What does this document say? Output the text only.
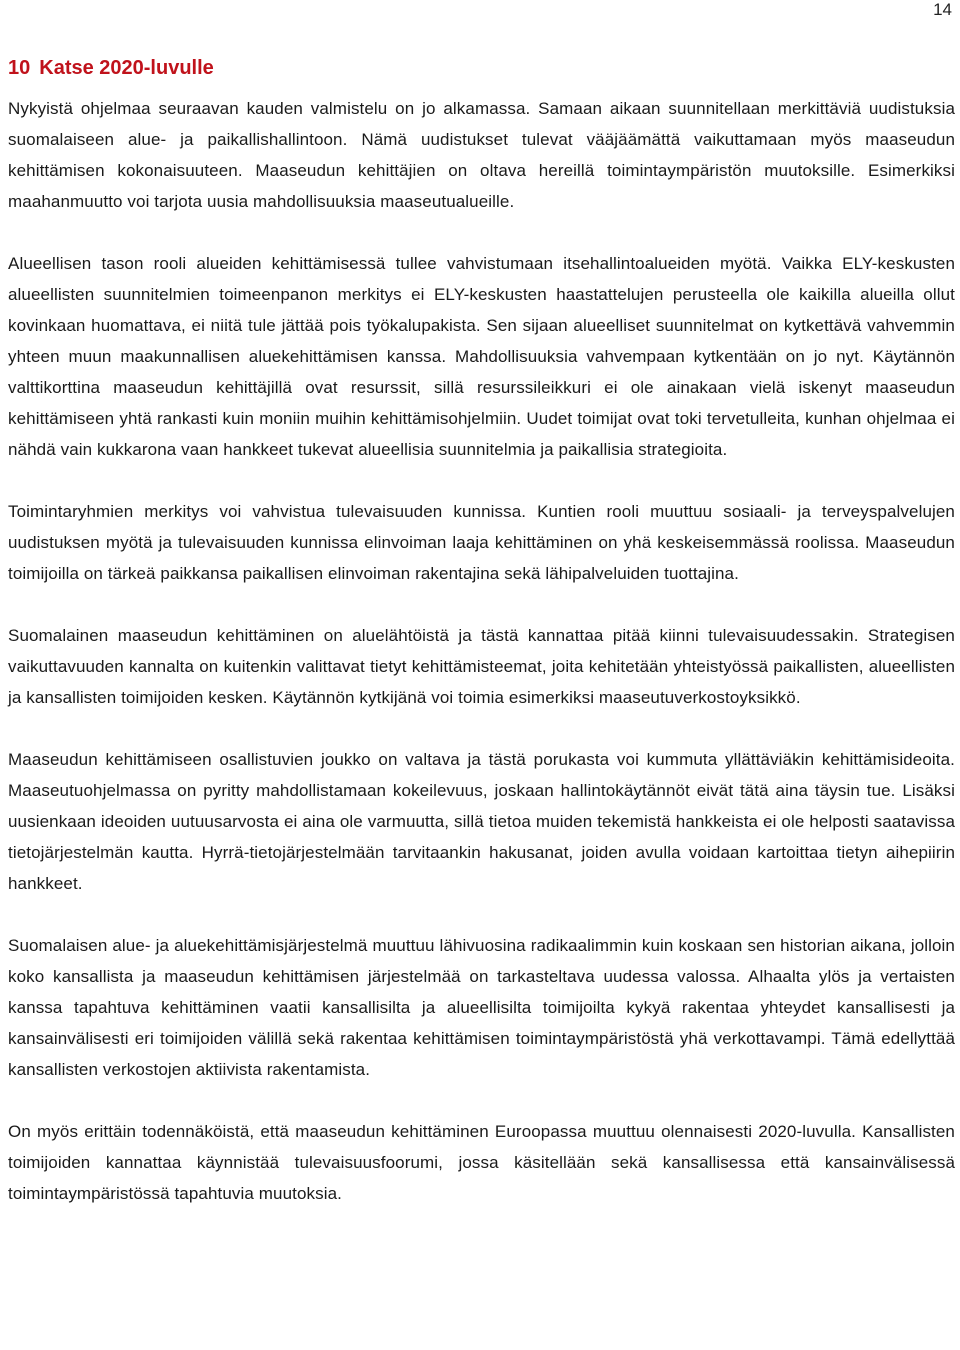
14
10 Katse 2020-luvulle

Nykyistä ohjelmaa seuraavan kauden valmistelu on jo alkamassa. Samaan aikaan suunnitellaan merkittäviä uudistuksia suomalaiseen alue- ja paikallishallintoon. Nämä uudistukset tulevat vääjäämättä vaikuttamaan myös maaseudun kehittämisen kokonaisuuteen. Maaseudun kehittäjien on oltava hereillä toimintaympäristön muutoksille. Esimerkiksi maahanmuutto voi tarjota uusia mahdollisuuksia maaseutualueille.

Alueellisen tason rooli alueiden kehittämisessä tullee vahvistumaan itsehallintoalueiden myötä. Vaikka ELY-keskusten alueellisten suunnitelmien toimeenpanon merkitys ei ELY-keskusten haastattelujen perusteella ole kaikilla alueilla ollut kovinkaan huomattava, ei niitä tule jättää pois työkalupakista. Sen sijaan alueelliset suunnitelmat on kytkettävä vahvemmin yhteen muun maakunnallisen aluekehittämisen kanssa. Mahdollisuuksia vahvempaan kytkentään on jo nyt. Käytännön valttikorttina maaseudun kehittäjillä ovat resurssit, sillä resurssileikkuri ei ole ainakaan vielä iskenyt maaseudun kehittämiseen yhtä rankasti kuin moniin muihin kehittämisohjelmiin. Uudet toimijat ovat toki tervetulleita, kunhan ohjelmaa ei nähdä vain kukkarona vaan hankkeet tukevat alueellisia suunnitelmia ja paikallisia strategioita.

Toimintaryhmien merkitys voi vahvistua tulevaisuuden kunnissa. Kuntien rooli muuttuu sosiaali- ja terveyspalvelujen uudistuksen myötä ja tulevaisuuden kunnissa elinvoiman laaja kehittäminen on yhä keskeisemmässä roolissa. Maaseudun toimijoilla on tärkeä paikkansa paikallisen elinvoiman rakentajina sekä lähipalveluiden tuottajina.

Suomalainen maaseudun kehittäminen on aluelähtöistä ja tästä kannattaa pitää kiinni tulevaisuudessakin. Strategisen vaikuttavuuden kannalta on kuitenkin valittavat tietyt kehittämisteemat, joita kehitetään yhteistyössä paikallisten, alueellisten ja kansallisten toimijoiden kesken. Käytännön kytkijänä voi toimia esimerkiksi maaseutuverkostoyksikkö.

Maaseudun kehittämiseen osallistuvien joukko on valtava ja tästä porukasta voi kummuta yllättäviäkin kehittämisideoita. Maaseutuohjelmassa on pyritty mahdollistamaan kokeilevuus, joskaan hallintokäytännöt eivät tätä aina täysin tue. Lisäksi uusienkaan ideoiden uutuusarvosta ei aina ole varmuutta, sillä tietoa muiden tekemistä hankkeista ei ole helposti saatavissa tietojärjestelmän kautta. Hyrrä-tietojärjestelmään tarvitaankin hakusanat, joiden avulla voidaan kartoittaa tietyn aihepiirin hankkeet.

Suomalaisen alue- ja aluekehittämisjärjestelmä muuttuu lähivuosina radikaalimmin kuin koskaan sen historian aikana, jolloin koko kansallista ja maaseudun kehittämisen järjestelmää on tarkasteltava uudessa valossa. Alhaalta ylös ja vertaisten kanssa tapahtuva kehittäminen vaatii kansallisilta ja alueellisilta toimijoilta kykyä rakentaa yhteydet kansallisesti ja kansainvälisesti eri toimijoiden välillä sekä rakentaa kehittämisen toimintaympäristöstä yhä verkottavampi. Tämä edellyttää kansallisten verkostojen aktiivista rakentamista.

On myös erittäin todennäköistä, että maaseudun kehittäminen Euroopassa muuttuu olennaisesti 2020-luvulla. Kansallisten toimijoiden kannattaa käynnistää tulevaisuusfoorumi, jossa käsitellään sekä kansallisessa että kansainvälisessä toimintaympäristössä tapahtuvia muutoksia.
